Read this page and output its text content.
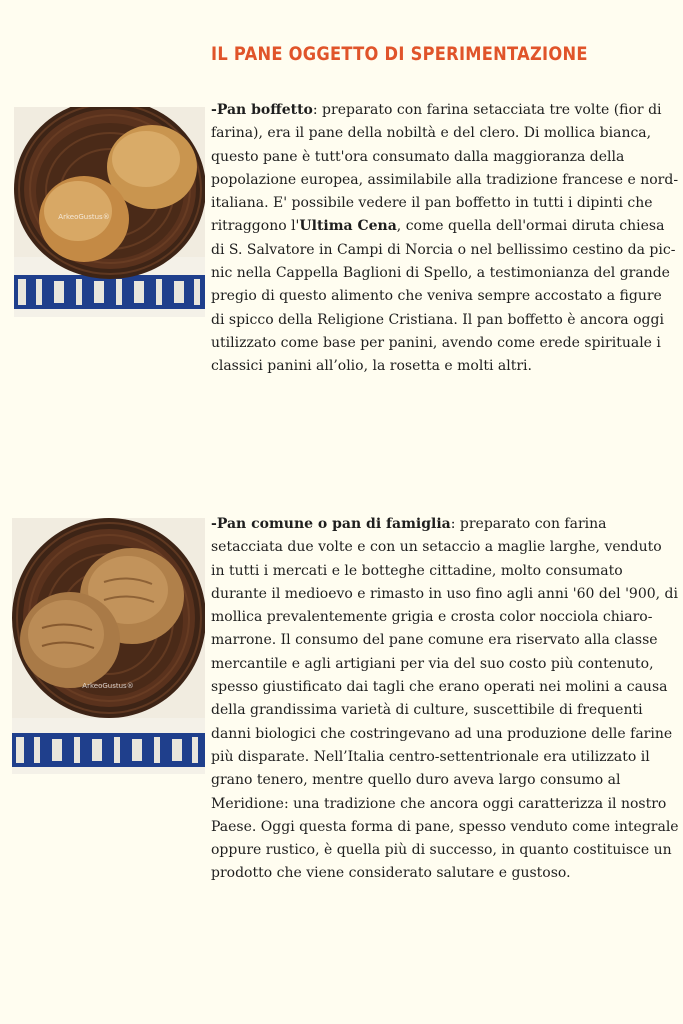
IL PANE OGGETTO DI SPERIMENTAZIONE
ArkeoGustus®
-Pan boffetto: preparato con farina setacciata tre volte (fior di farina), era il pane della nobiltà e del clero. Di mollica bianca, questo pane è tutt'ora consumato dalla maggioranza della popolazione europea, assimilabile alla tradizione francese e nord-italiana. E' possibile vedere il pan boffetto in tutti i dipinti che ritraggono l'Ultima Cena, come quella dell'ormai diruta chiesa di S. Salvatore in Campi di Norcia o nel bellissimo cestino da pic-nic nella Cappella Baglioni di Spello, a testimonianza del grande pregio di questo alimento che veniva sempre accostato a figure di spicco della Religione Cristiana. Il pan boffetto è ancora oggi utilizzato come base per panini, avendo come erede spirituale i classici panini all’olio, la rosetta e molti altri.
ArkeoGustus®
-Pan comune o pan di famiglia: preparato con farina setacciata due volte e con un setaccio a maglie larghe, venduto in tutti i mercati e le botteghe cittadine, molto consumato durante il medioevo e rimasto in uso fino agli anni '60 del '900, di mollica prevalentemente grigia e crosta color nocciola chiaro-marrone. Il consumo del pane comune era riservato alla classe mercantile e agli artigiani per via del suo costo più contenuto, spesso giustificato dai tagli che erano operati nei molini a causa della grandissima varietà di culture, suscettibile di frequenti danni biologici che costringevano ad una produzione delle farine più disparate. Nell’Italia centro-settentrionale era utilizzato il grano tenero, mentre quello duro aveva largo consumo al Meridione: una tradizione che ancora oggi caratterizza il nostro Paese. Oggi questa forma di pane, spesso venduto come integrale oppure rustico, è quella più di successo, in quanto costituisce un prodotto che viene considerato salutare e gustoso.
